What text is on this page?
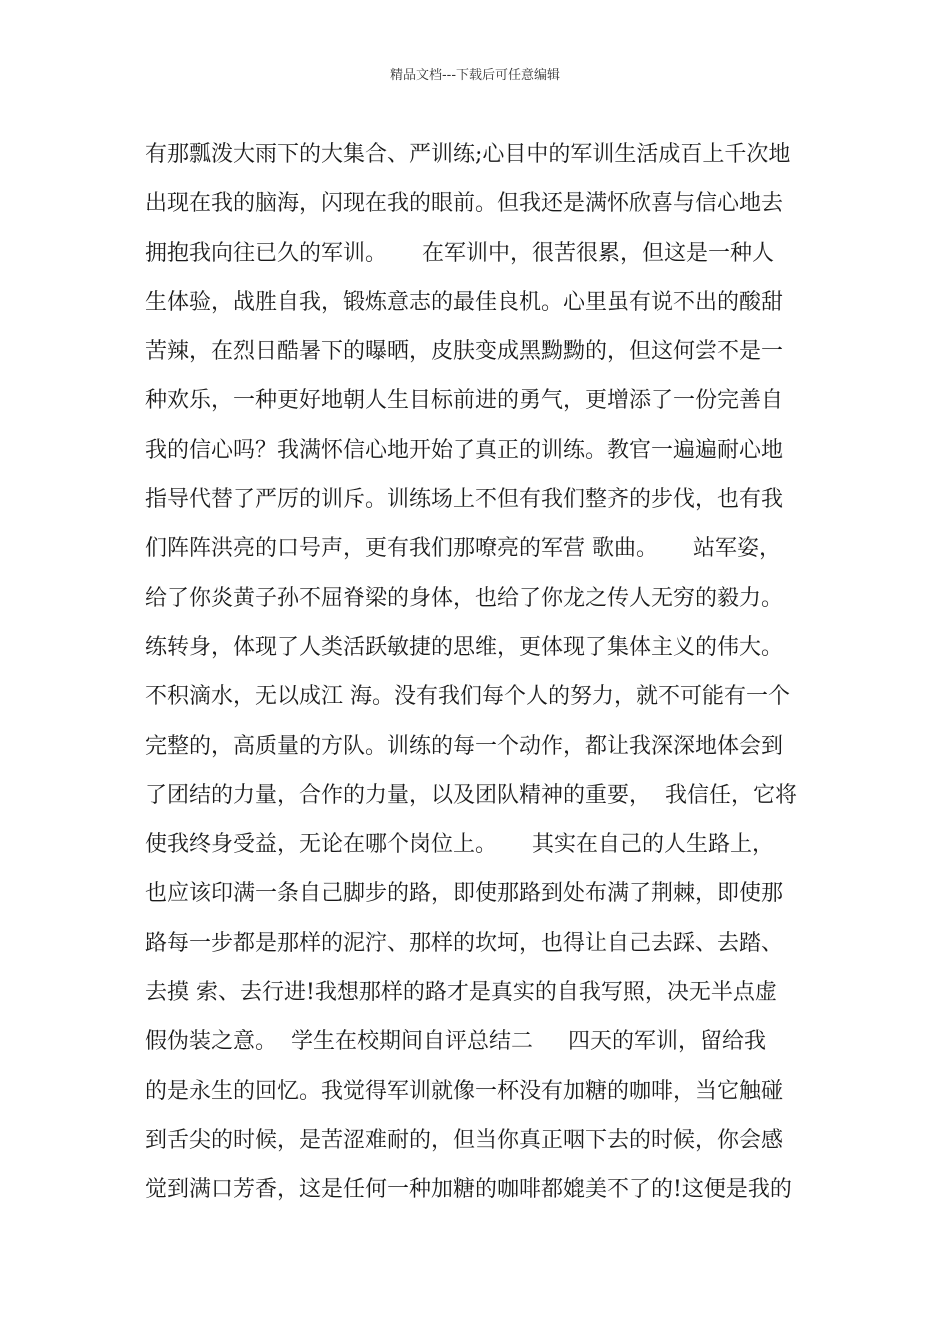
精品文档---下载后可任意编辑
有那瓢泼大雨下的大集合、严训练;心目中的军训生活成百上千次地
出现在我的脑海，闪现在我的眼前。但我还是满怀欣喜与信心地去
拥抱我向往已久的军训。     在军训中，很苦很累，但这是一种人
生体验，战胜自我，锻炼意志的最佳良机。心里虽有说不出的酸甜
苦辣，在烈日酷暑下的曝晒，皮肤变成黑黝黝的，但这何尝不是一
种欢乐，一种更好地朝人生目标前进的勇气，更增添了一份完善自
我的信心吗？我满怀信心地开始了真正的训练。教官一遍遍耐心地
指导代替了严厉的训斥。训练场上不但有我们整齐的步伐，也有我
们阵阵洪亮的口号声，更有我们那嘹亮的军营 歌曲。     站军姿，
给了你炎黄子孙不屈脊梁的身体，也给了你龙之传人无穷的毅力。
练转身，体现了人类活跃敏捷的思维，更体现了集体主义的伟大。
不积滴水，无以成江 海。没有我们每个人的努力，就不可能有一个
完整的，高质量的方队。训练的每一个动作，都让我深深地体会到
了团结的力量，合作的力量，以及团队精神的重要，  我信任，它将
使我终身受益，无论在哪个岗位上。     其实在自己的人生路上，
也应该印满一条自己脚步的路，即使那路到处布满了荆棘，即使那
路每一步都是那样的泥泞、那样的坎坷，也得让自己去踩、去踏、
去摸 索、去行进!我想那样的路才是真实的自我写照，决无半点虚
假伪装之意。  学生在校期间自评总结二     四天的军训，留给我
的是永生的回忆。我觉得军训就像一杯没有加糖的咖啡，当它触碰
到舌尖的时候，是苦涩难耐的，但当你真正咽下去的时候，你会感
觉到满口芳香，这是任何一种加糖的咖啡都媲美不了的!这便是我的
